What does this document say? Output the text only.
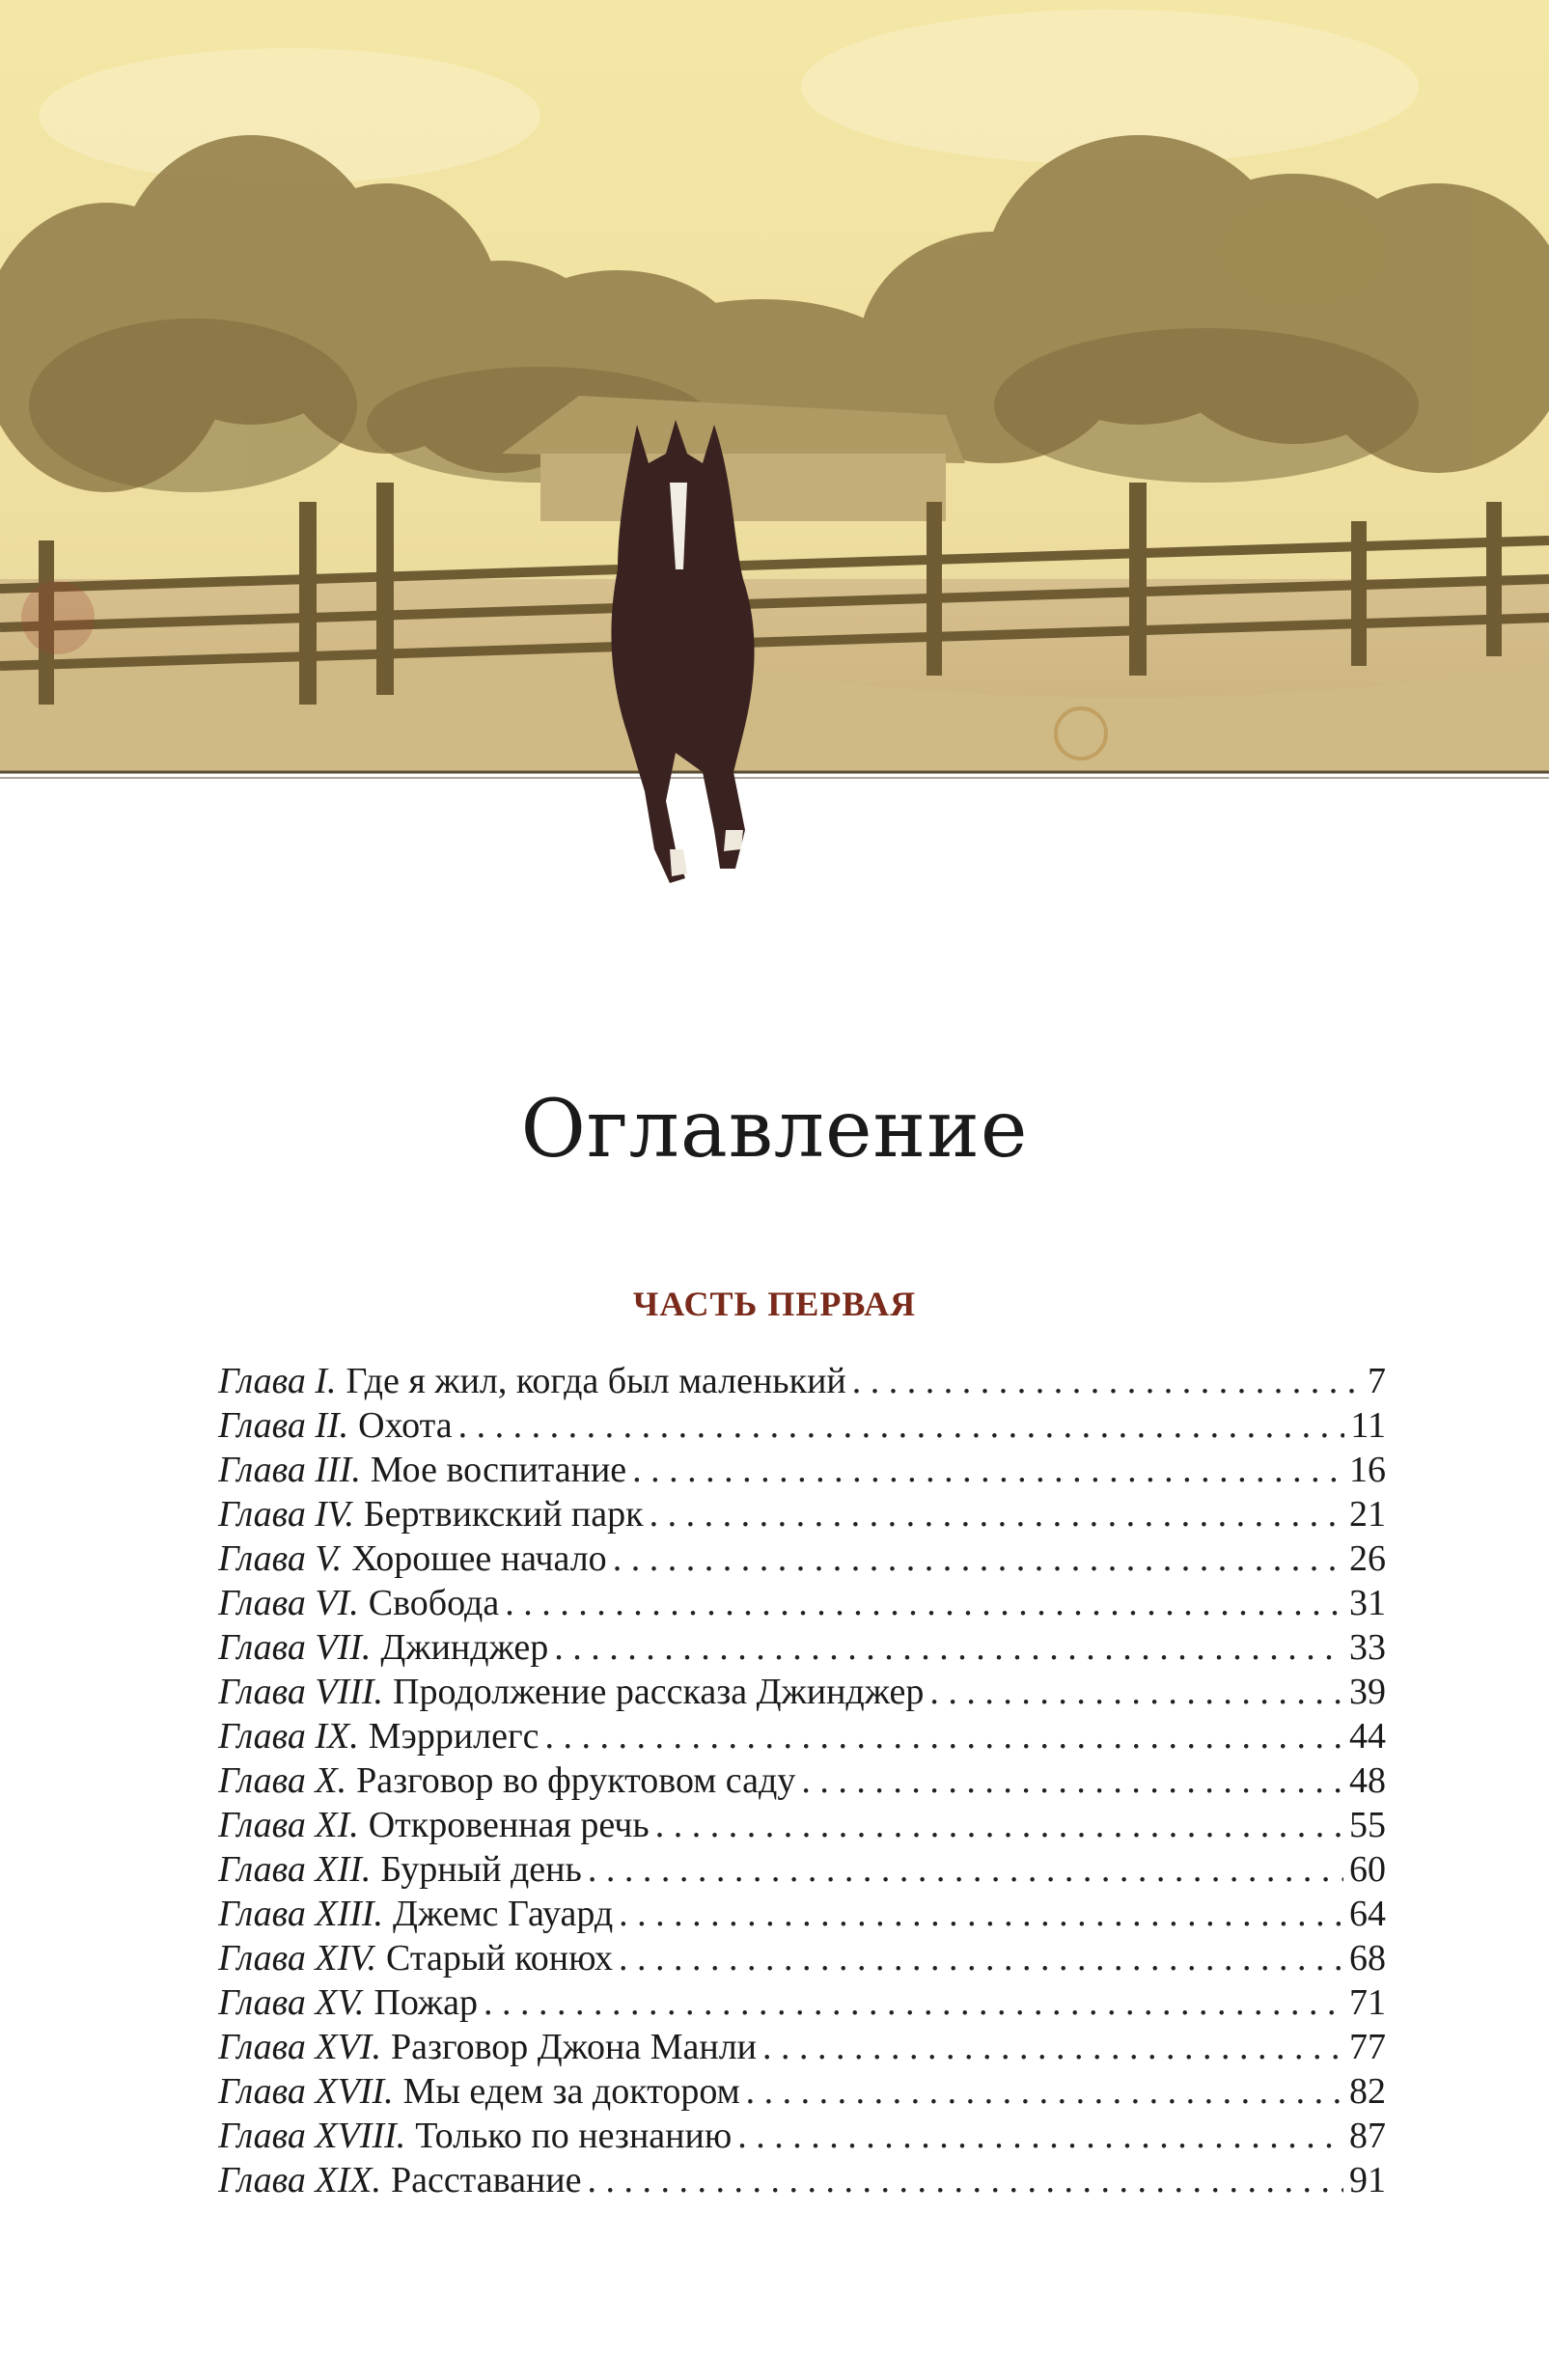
Оглавление
ЧАСТЬ ПЕРВАЯ
Глава I. Где я жил, когда был маленький . . .	7
Глава II. Охота . . .	11
Глава III. Мое воспитание . . .	16
Глава IV. Бертвикский парк . . .	21
Глава V. Хорошее начало . . .	26
Глава VI. Свобода . . .	31
Глава VII. Джинджер . . .	33
Глава VIII. Продолжение рассказа Джинджер . . .	39
Глава IX. Мэррилегс . . .	44
Глава X. Разговор во фруктовом саду . . .	48
Глава XI. Откровенная речь . . .	55
Глава XII. Бурный день . . .	60
Глава XIII. Джемс Гауард . . .	64
Глава XIV. Старый конюх . . .	68
Глава XV. Пожар . . .	71
Глава XVI. Разговор Джона Манли . . .	77
Глава XVII. Мы едем за доктором . . .	82
Глава XVIII. Только по незнанию . . .	87
Глава XIX. Расставание . . .	91
